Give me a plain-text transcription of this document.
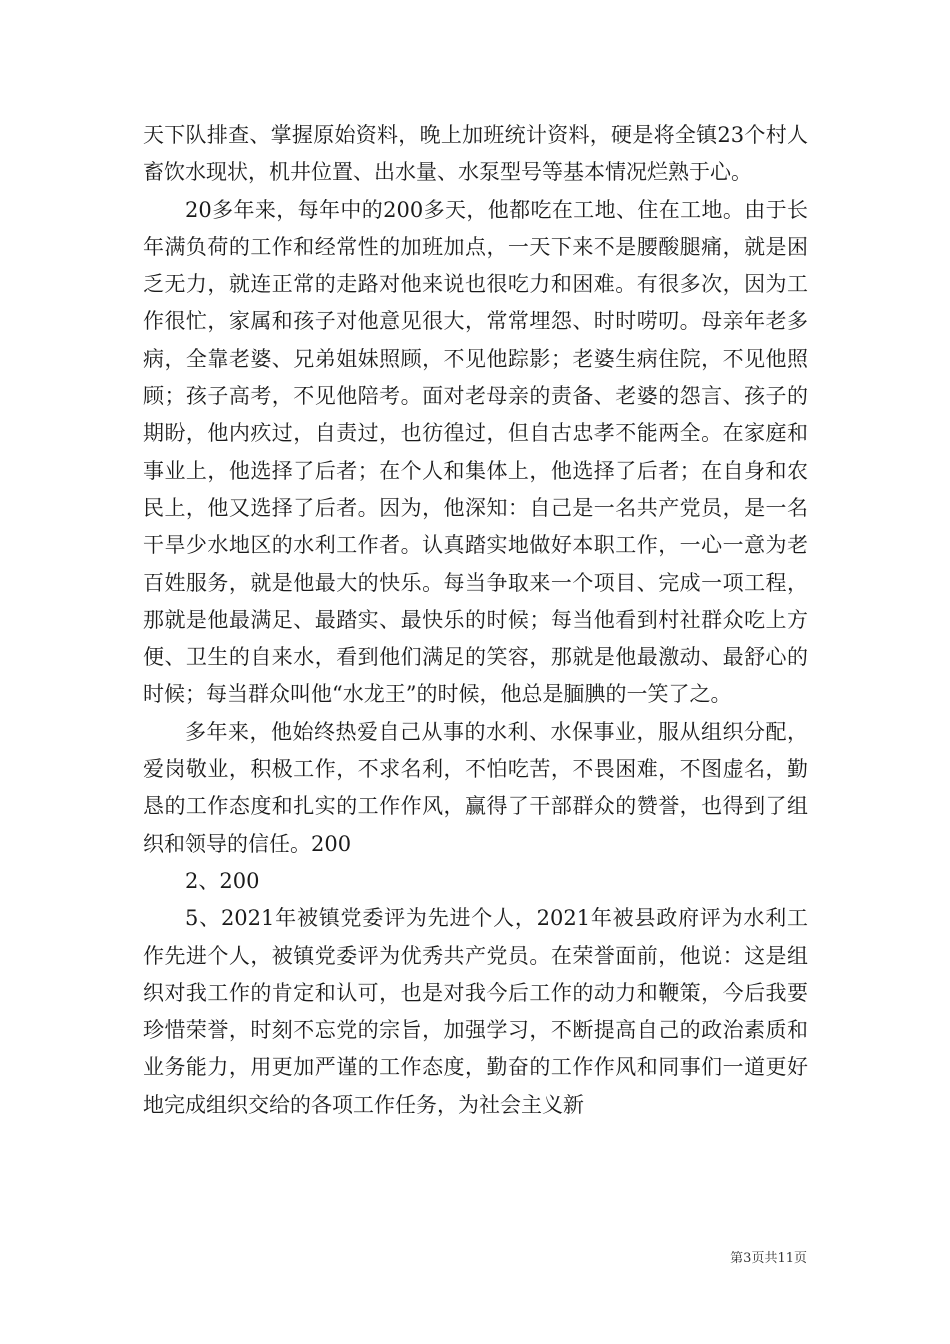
天下队排查、掌握原始资料，晚上加班统计资料，硬是将全镇23个村人畜饮水现状，机井位置、出水量、水泵型号等基本情况烂熟于心。

20多年来，每年中的200多天，他都吃在工地、住在工地。由于长年满负荷的工作和经常性的加班加点，一天下来不是腰酸腿痛，就是困乏无力，就连正常的走路对他来说也很吃力和困难。有很多次，因为工作很忙，家属和孩子对他意见很大，常常埋怨、时时唠叨。母亲年老多病，全靠老婆、兄弟姐妹照顾，不见他踪影；老婆生病住院，不见他照顾；孩子高考，不见他陪考。面对老母亲的责备、老婆的怨言、孩子的期盼，他内疚过，自责过，也彷徨过，但自古忠孝不能两全。在家庭和事业上，他选择了后者；在个人和集体上，他选择了后者；在自身和农民上，他又选择了后者。因为，他深知：自己是一名共产党员，是一名干旱少水地区的水利工作者。认真踏实地做好本职工作，一心一意为老百姓服务，就是他最大的快乐。每当争取来一个项目、完成一项工程，那就是他最满足、最踏实、最快乐的时候；每当他看到村社群众吃上方便、卫生的自来水，看到他们满足的笑容，那就是他最激动、最舒心的时候；每当群众叫他“水龙王”的时候，他总是腼腆的一笑了之。

多年来，他始终热爱自己从事的水利、水保事业，服从组织分配，爱岗敬业，积极工作，不求名利，不怕吃苦，不畏困难，不图虚名，勤恳的工作态度和扎实的工作作风，赢得了干部群众的赞誉，也得到了组织和领导的信任。200

2、200

5、2021年被镇党委评为先进个人，2021年被县政府评为水利工作先进个人，被镇党委评为优秀共产党员。在荣誉面前，他说：这是组织对我工作的肯定和认可，也是对我今后工作的动力和鞭策，今后我要珍惜荣誉，时刻不忘党的宗旨，加强学习，不断提高自己的政治素质和业务能力，用更加严谨的工作态度，勤奋的工作作风和同事们一道更好地完成组织交给的各项工作任务，为社会主义新

第3页共11页
